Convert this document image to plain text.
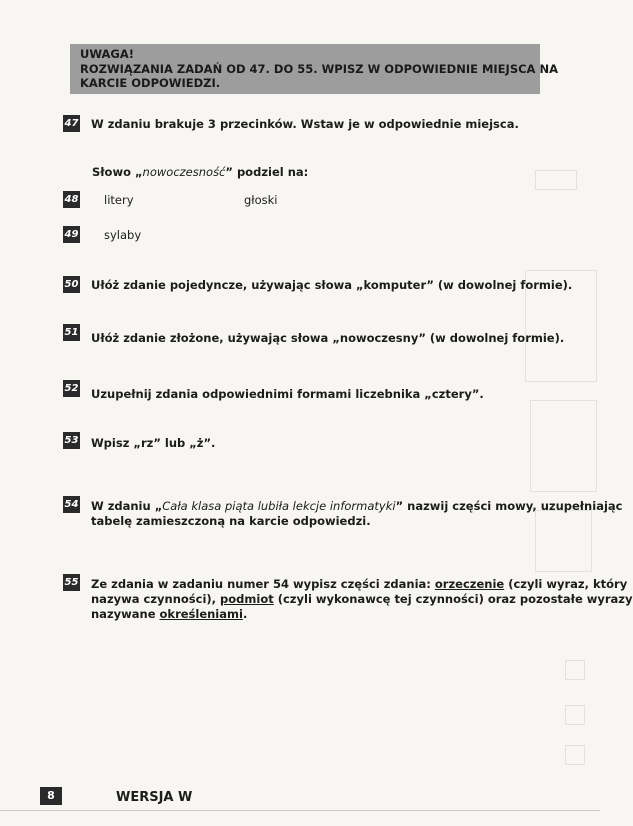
UWAGA!
ROZWIĄZANIA ZADAŃ OD 47. DO 55. WPISZ W ODPOWIEDNIE MIEJSCA NA
KARCIE ODPOWIEDZI.
47 W zdaniu brakuje 3 przecinków. Wstaw je w odpowiednie miejsca.
Słowo „nowoczesność” podziel na:
48 litery	głoski
49 sylaby
50 Ułóż zdanie pojedyncze, używając słowa „komputer” (w dowolnej formie).
51 Ułóż zdanie złożone, używając słowa „nowoczesny” (w dowolnej formie).
52 Uzupełnij zdania odpowiednimi formami liczebnika „cztery”.
53 Wpisz „rz” lub „ż”.
54 W zdaniu „Cała klasa piąta lubiła lekcje informatyki” nazwij części mowy, uzupełniając
tabelę zamieszczoną na karcie odpowiedzi.
55 Ze zdania w zadaniu numer 54 wypisz części zdania: orzeczenie (czyli wyraz, który
nazywa czynności), podmiot (czyli wykonawcę tej czynności) oraz pozostałe wyrazy
nazywane określeniami.
8	WERSJA W
